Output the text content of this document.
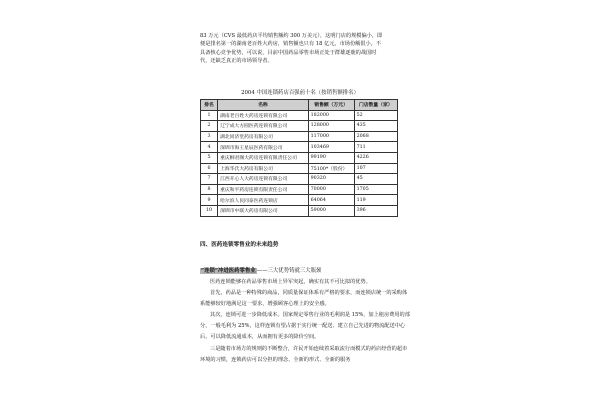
83 万元（CVS 最低药店平均销售额约 300 万美元），这明门店的规模偏小，即

便是排名第一的湖南老百姓大药房，销售额也只有 18 亿元，市场份额很小，不

具备核心竞争优势，可以说，目前中国药品零售市场正处于群雄逐鹿的战国时

代，还缺乏真正的市场领导者。

2004 中国连锁药店百强前十名（按销售额排名）
排名	名称	销售额（万元）	门店数量（家）
1	湖南老百姓大药房连锁有限公司	182000	52
2	辽宁成大方圆医药连锁有限公司	128000	435
3	湖北同济堂药房有限公司	117000	2068
4	深圳市海王星辰医药有限公司	103469	711
5	重庆桐君阁大药房连锁有限责任公司	99190	4226
6	上海华氏大药房有限公司	75100*（股份）	107
7	江西开心人大药房连锁有限公司	90320	45
8	重庆和平药房连锁有限责任公司	70000	1705
9	哈尔滨人民同泰医药连锁店	64064	119
10	深圳市中联大药房有限公司	59000	396
四、医药连锁零售业的未来趋势
“连锁”冲进医药零售业——三大优势铸就三大瓶颈

医药连锁能够在药品零售市场上异军突起，确实有其不可比拟的优势。

首先，药品是一种特殊的商品，同质量保证体系有严格的要求，而连锁店统一的采购体系能够较好地满足这一要求，增强顾客心理上的安全感。

其次，连锁可进一步降低成本。国家规定零售行业的毛利润是 15%，加上租房费用的部分，一般毛利为 25%，这样连锁有望占据于实行统一配送、建立自己先进的物流配送中心后，可以降低流通成本，从而拥有更多的降价空间。

三是随着市场方的规则的不断整合，许民开始连续着采取流行而模式的药店经营的超市环境的习惯，连锁药店可以分担的理念、全新的形式、全新的服务
